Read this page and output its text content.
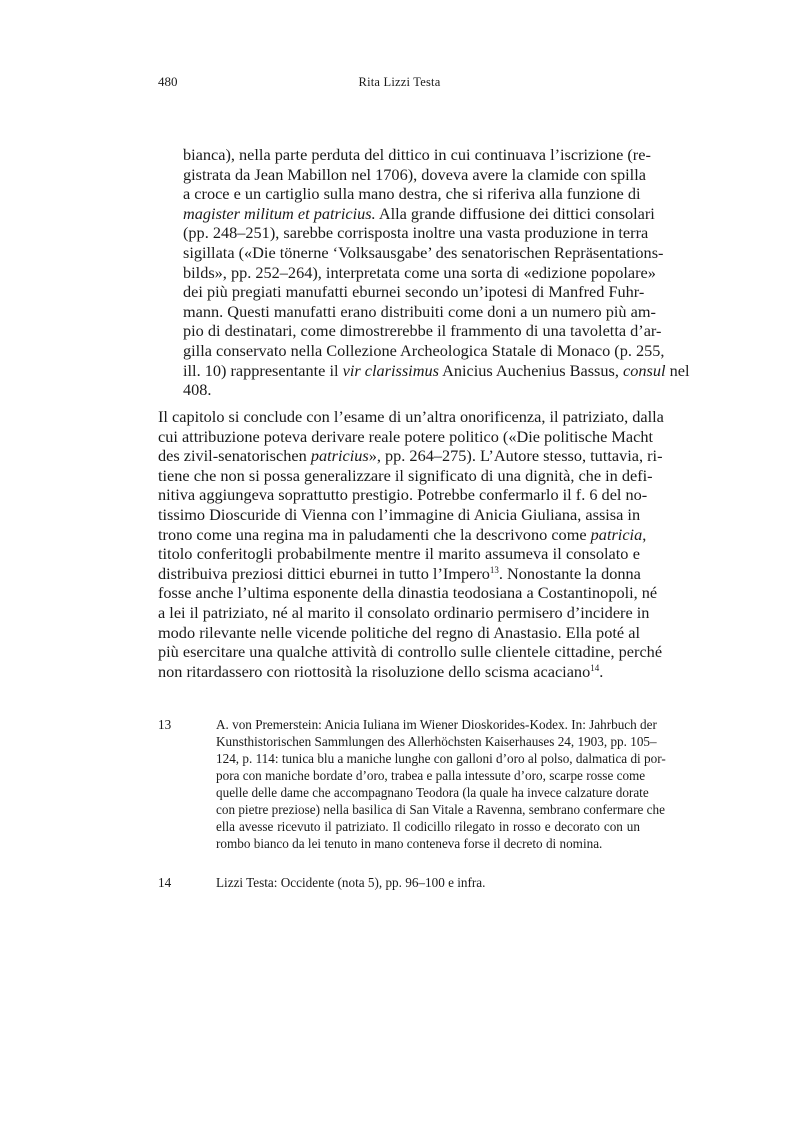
480	Rita Lizzi Testa
bianca), nella parte perduta del dittico in cui continuava l’iscrizione (re-
gistrata da Jean Mabillon nel 1706), doveva avere la clamide con spilla
a croce e un cartiglio sulla mano destra, che si riferiva alla funzione di
magister militum et patricius. Alla grande diffusione dei dittici consolari
(pp. 248–251), sarebbe corrisposta inoltre una vasta produzione in terra
sigillata («Die tönerne ‘Volksausgabe’ des senatorischen Repräsentations-
bilds», pp. 252–264), interpretata come una sorta di «edizione popolare»
dei più pregiati manufatti eburnei secondo un’ipotesi di Manfred Fuhr-
mann. Questi manufatti erano distribuiti come doni a un numero più am-
pio di destinatari, come dimostrerebbe il frammento di una tavoletta d’ar-
gilla conservato nella Collezione Archeologica Statale di Monaco (p. 255,
ill. 10) rappresentante il vir clarissimus Anicius Auchenius Bassus, consul nel
408.
Il capitolo si conclude con l’esame di un’altra onorificenza, il patriziato, dalla
cui attribuzione poteva derivare reale potere politico («Die politische Macht
des zivil-senatorischen patricius», pp. 264–275). L’Autore stesso, tuttavia, ri-
tiene che non si possa generalizzare il significato di una dignità, che in defi-
nitiva aggiungeva soprattutto prestigio. Potrebbe confermarlo il f. 6 del no-
tissimo Dioscuride di Vienna con l’immagine di Anicia Giuliana, assisa in
trono come una regina ma in paludamenti che la descrivono come patricia,
titolo conferitogli probabilmente mentre il marito assumeva il consolato e
distribuiva preziosi dittici eburnei in tutto l’Impero$^{13}$. Nonostante la donna
fosse anche l’ultima esponente della dinastia teodosiana a Costantinopoli, né
a lei il patriziato, né al marito il consolato ordinario permisero d’incidere in
modo rilevante nelle vicende politiche del regno di Anastasio. Ella poté al
più esercitare una qualche attività di controllo sulle clientele cittadine, perché
non ritardassero con riottosità la risoluzione dello scisma acaciano$^{14}$.
13	A. von Premerstein: Anicia Iuliana im Wiener Dioskorides-Kodex. In: Jahrbuch der
Kunsthistorischen Sammlungen des Allerhöchsten Kaiserhauses 24, 1903, pp. 105–
124, p. 114: tunica blu a maniche lunghe con galloni d’oro al polso, dalmatica di por-
pora con maniche bordate d’oro, trabea e palla intessute d’oro, scarpe rosse come
quelle delle dame che accompagnano Teodora (la quale ha invece calzature dorate
con pietre preziose) nella basilica di San Vitale a Ravenna, sembrano confermare che
ella avesse ricevuto il patriziato. Il codicillo rilegato in rosso e decorato con un
rombo bianco da lei tenuto in mano conteneva forse il decreto di nomina.
14	Lizzi Testa: Occidente (nota 5), pp. 96–100 e infra.
